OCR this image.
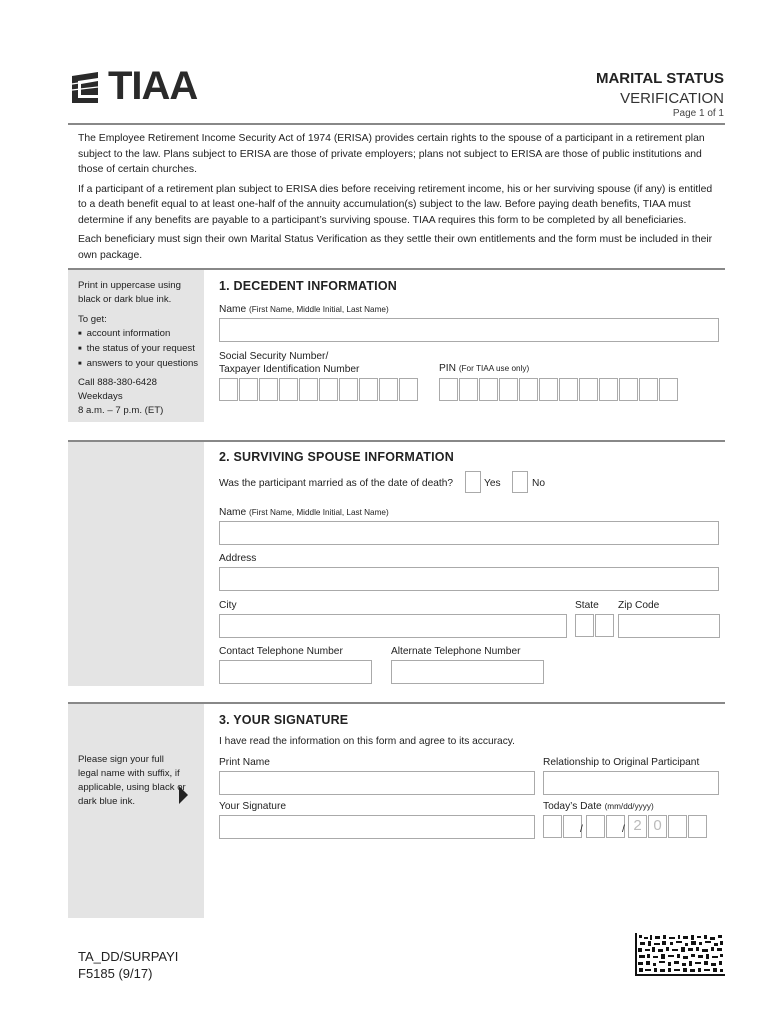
TIAA	MARITAL STATUS
VERIFICATION
Page 1 of 1

The Employee Retirement Income Security Act of 1974 (ERISA) provides certain rights to the spouse of a participant in a retirement plan subject to the law. Plans subject to ERISA are those of private employers; plans not subject to ERISA are those of public institutions and those of certain churches.

If a participant of a retirement plan subject to ERISA dies before receiving retirement income, his or her surviving spouse (if any) is entitled to a death benefit equal to at least one-half of the annuity accumulation(s) subject to the law. Before paying death benefits, TIAA must determine if any benefits are payable to a participant’s surviving spouse. TIAA requires this form to be completed by all beneficiaries.

Each beneficiary must sign their own Marital Status Verification as they settle their own entitlements and the form must be included in their own package.

Print in uppercase using black or dark blue ink.
To get:
■ account information
■ the status of your request
■ answers to your questions
Call 888-380-6428
Weekdays
8 a.m. – 7 p.m. (ET)
1. DECEDENT INFORMATION
Name (First Name, Middle Initial, Last Name)
Social Security Number/
Taxpayer Identification Number	PIN (For TIAA use only)
2. SURVIVING SPOUSE INFORMATION
Was the participant married as of the date of death?	Yes	No
Name (First Name, Middle Initial, Last Name)
Address
City	State Zip Code
Contact Telephone Number	Alternate Telephone Number
Please sign your full legal name with suffix, if applicable, using black or dark blue ink.
3. YOUR SIGNATURE
I have read the information on this form and agree to its accuracy.
Print Name	Relationship to Original Participant
Your Signature	Today’s Date (mm/dd/yyyy)
/	/ 2 0
TA_DD/SURPAYI
F5185 (9/17)
